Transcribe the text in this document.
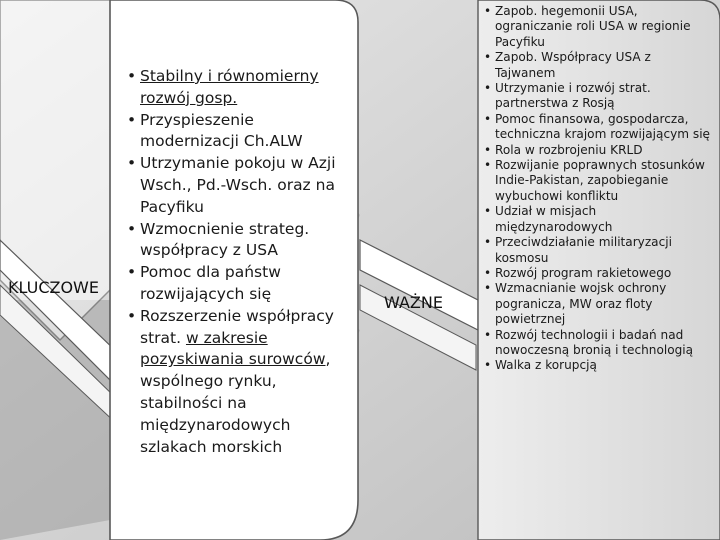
KLUCZOWE
• Stabilny i równomierny rozwój gosp.
• Przyspieszenie modernizacji Ch.ALW
• Utrzymanie pokoju w Azji Wsch., Pd.-Wsch. oraz na Pacyfiku
• Wzmocnienie strateg. współpracy z USA
• Pomoc dla państw rozwijających się
• Rozszerzenie współpracy strat. w zakresie pozyskiwania surowców, wspólnego rynku, stabilności na międzynarodowych szlakach morskich
WAŻNE
• Zapob. hegemonii USA, ograniczanie roli USA w regionie Pacyfiku
• Zapob. Współpracy USA z Tajwanem
• Utrzymanie i rozwój strat. partnerstwa z Rosją
• Pomoc finansowa, gospodarcza, techniczna krajom rozwijającym się
• Rola w rozbrojeniu KRLD
• Rozwijanie poprawnych stosunków Indie-Pakistan, zapobieganie wybuchowi konfliktu
• Udział w misjach międzynarodowych
• Przeciwdziałanie militaryzacji kosmosu
• Rozwój program rakietowego
• Wzmacnianie wojsk ochrony pogranicza, MW oraz floty powietrznej
• Rozwój technologii i badań nad nowoczesną bronią i technologią
• Walka z korupcją
